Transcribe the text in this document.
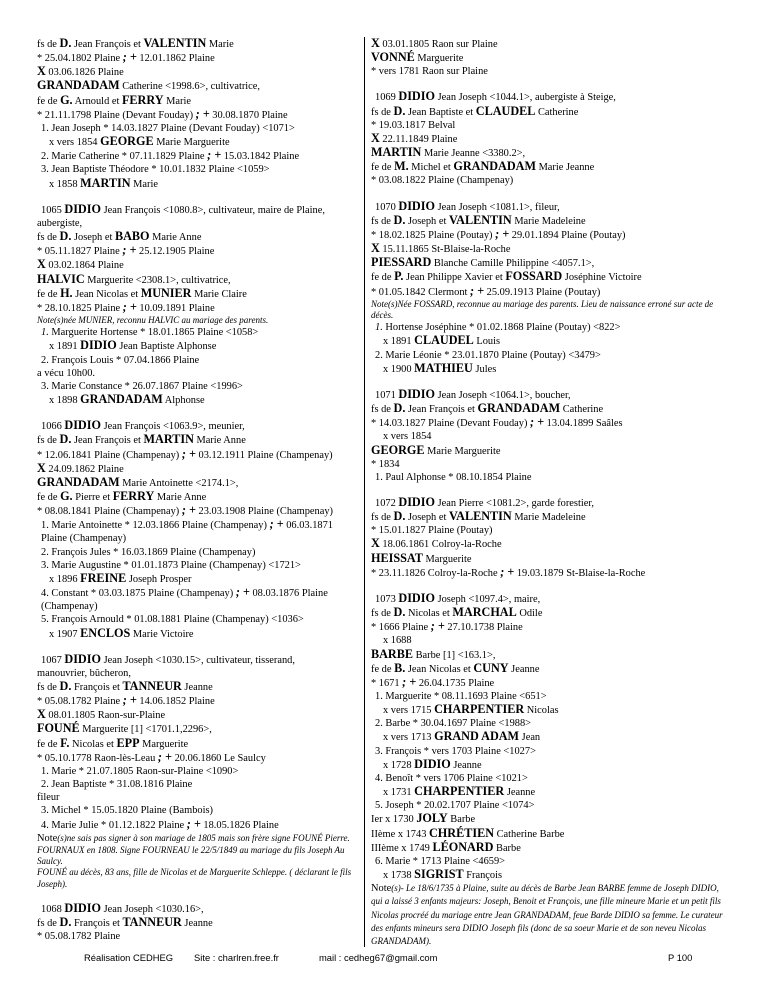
fs de D. Jean François et VALENTIN Marie
* 25.04.1802 Plaine ; + 12.01.1862 Plaine
X 03.06.1826 Plaine
GRANDADAM Catherine <1998.6>, cultivatrice,
fe de G. Arnould et FERRY Marie
* 21.11.1798 Plaine (Devant Fouday) ; + 30.08.1870 Plaine
1. Jean Joseph * 14.03.1827 Plaine (Devant Fouday) <1071>
x vers 1854 GEORGE Marie Marguerite
2. Marie Catherine * 07.11.1829 Plaine ; + 15.03.1842 Plaine
3. Jean Baptiste Théodore * 10.01.1832 Plaine <1059>
x 1858 MARTIN Marie
1065 DIDIO Jean François <1080.8>, cultivateur, maire de Plaine,
aubergiste,
fs de D. Joseph et BABO Marie Anne
* 05.11.1827 Plaine ; + 25.12.1905 Plaine
X 03.02.1864 Plaine
HALVIC Marguerite <2308.1>, cultivatrice,
fe de H. Jean Nicolas et MUNIER Marie Claire
* 28.10.1825 Plaine ; + 10.09.1891 Plaine
Note(s)née MUNIER, reconnu HALVIC au mariage des parents.
1. Marguerite Hortense * 18.01.1865 Plaine <1058>
x 1891 DIDIO Jean Baptiste Alphonse
2. François Louis * 07.04.1866 Plaine
a vécu 10h00.
3. Marie Constance * 26.07.1867 Plaine <1996>
x 1898 GRANDADAM Alphonse
1066 DIDIO Jean François <1063.9>, meunier,
fs de D. Jean François et MARTIN Marie Anne
* 12.06.1841 Plaine (Champenay) ; + 03.12.1911 Plaine (Champenay)
X 24.09.1862 Plaine
GRANDADAM Marie Antoinette <2174.1>,
fe de G. Pierre et FERRY Marie Anne
* 08.08.1841 Plaine (Champenay) ; + 23.03.1908 Plaine (Champenay)
1. Marie Antoinette * 12.03.1866 Plaine (Champenay) ; + 06.03.1871 Plaine (Champenay)
2. François Jules * 16.03.1869 Plaine (Champenay)
3. Marie Augustine * 01.01.1873 Plaine (Champenay) <1721>
x 1896 FREINE Joseph Prosper
4. Constant * 03.03.1875 Plaine (Champenay) ; + 08.03.1876 Plaine (Champenay)
5. François Arnould * 01.08.1881 Plaine (Champenay) <1036>
x 1907 ENCLOS Marie Victoire
1067 DIDIO Jean Joseph <1030.15>, cultivateur, tisserand,
manouvrier, bûcheron,
fs de D. François et TANNEUR Jeanne
* 05.08.1782 Plaine ; + 14.06.1852 Plaine
X 08.01.1805 Raon-sur-Plaine
FOUNÉ Marguerite [1] <1701.1,2296>,
fe de F. Nicolas et EPP Marguerite
* 05.10.1778 Raon-lès-Leau ; + 20.06.1860 Le Saulcy
1. Marie * 21.07.1805 Raon-sur-Plaine <1090>
2. Jean Baptiste * 31.08.1816 Plaine
fileur
3. Michel * 15.05.1820 Plaine (Bambois)
4. Marie Julie * 01.12.1822 Plaine ; + 18.05.1826 Plaine
Note(s)ne sais pas signer à son mariage de 1805 mais son frère signe FOUNÉ Pierre.
FOURNAUX en 1808. Signe FOURNEAU le 22/5/1849 au mariage du fils Joseph Au Saulcy.
FOUNÉ au décès, 83 ans, fille de Nicolas et de Marguerite Schleppe. ( déclarant le fils Joseph).
1068 DIDIO Jean Joseph <1030.16>,
fs de D. François et TANNEUR Jeanne
* 05.08.1782 Plaine
X 03.01.1805 Raon sur Plaine
VONNÉ Marguerite
* vers 1781 Raon sur Plaine
1069 DIDIO Jean Joseph <1044.1>, aubergiste à Steige,
fs de D. Jean Baptiste et CLAUDEL Catherine
* 19.03.1817 Belval
X 22.11.1849 Plaine
MARTIN Marie Jeanne <3380.2>,
fe de M. Michel et GRANDADAM Marie Jeanne
* 03.08.1822 Plaine (Champenay)
1070 DIDIO Jean Joseph <1081.1>, fileur,
fs de D. Joseph et VALENTIN Marie Madeleine
* 18.02.1825 Plaine (Poutay) ; + 29.01.1894 Plaine (Poutay)
X 15.11.1865 St-Blaise-la-Roche
PIESSARD Blanche Camille Philippine <4057.1>,
fe de P. Jean Philippe Xavier et FOSSARD Joséphine Victoire
* 01.05.1842 Clermont ; + 25.09.1913 Plaine (Poutay)
Note(s)Née FOSSARD, reconnue au mariage des parents. Lieu de naissance erroné sur acte de décès.
1. Hortense Joséphine * 01.02.1868 Plaine (Poutay) <822>
x 1891 CLAUDEL Louis
2. Marie Léonie * 23.01.1870 Plaine (Poutay) <3479>
x 1900 MATHIEU Jules
1071 DIDIO Jean Joseph <1064.1>, boucher,
fs de D. Jean François et GRANDADAM Catherine
* 14.03.1827 Plaine (Devant Fouday) ; + 13.04.1899 Saâles
x vers 1854
GEORGE Marie Marguerite
* 1834
1. Paul Alphonse * 08.10.1854 Plaine
1072 DIDIO Jean Pierre <1081.2>, garde forestier,
fs de D. Joseph et VALENTIN Marie Madeleine
* 15.01.1827 Plaine (Poutay)
X 18.06.1861 Colroy-la-Roche
HEISSAT Marguerite
* 23.11.1826 Colroy-la-Roche ; + 19.03.1879 St-Blaise-la-Roche
1073 DIDIO Joseph <1097.4>, maire,
fs de D. Nicolas et MARCHAL Odile
* 1666 Plaine ; + 27.10.1738 Plaine
x 1688
BARBE Barbe [1] <163.1>,
fe de B. Jean Nicolas et CUNY Jeanne
* 1671 ; + 26.04.1735 Plaine
1. Marguerite * 08.11.1693 Plaine <651>
x vers 1715 CHARPENTIER Nicolas
2. Barbe * 30.04.1697 Plaine <1988>
x vers 1713 GRAND ADAM Jean
3. François * vers 1703 Plaine <1027>
x 1728 DIDIO Jeanne
4. Benoît * vers 1706 Plaine <1021>
x 1731 CHARPENTIER Jeanne
5. Joseph * 20.02.1707 Plaine <1074>
Ier x 1730 JOLY Barbe
IIème x 1743 CHRÉTIEN Catherine Barbe
IIIème x 1749 LÉONARD Barbe
6. Marie * 1713 Plaine <4659>
x 1738 SIGRIST François
Note(s)- Le 18/6/1735 à Plaine, suite au décès de Barbe Jean BARBE femme de Joseph DIDIO, qui a laissé 3 enfants majeurs: Joseph, Benoit et François, une fille mineure Marie et un petit fils Nicolas procréé du mariage entre Jean GRANDADAM, feue Barde DIDIO sa femme. Le curateur des enfants mineurs sera DIDIO Joseph fils (donc de sa soeur Marie et de son neveu Nicolas GRANDADAM).
Réalisation CEDHEG Site : charlren.free.fr	mail : cedheg67@gmail.com	P 100
